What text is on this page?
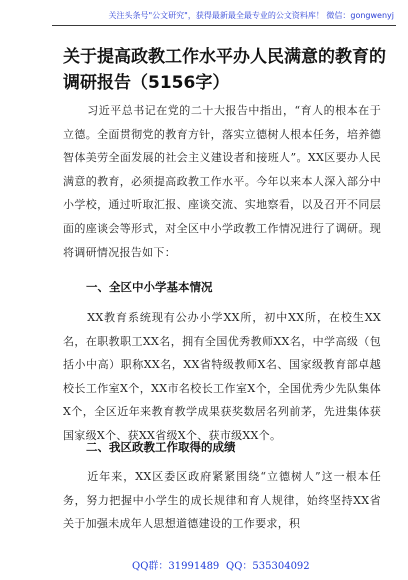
关注头条号"公文研究"，获得最新最全最专业的公文资料库！ 微信：gongwenyj
关于提高政教工作水平办人民满意的教育的调研报告（5156字）

习近平总书记在党的二十大报告中指出，“育人的根本在于立德。全面贯彻党的教育方针，落实立德树人根本任务，培养德智体美劳全面发展的社会主义建设者和接班人”。XX区要办人民满意的教育，必须提高政教工作水平。今年以来本人深入部分中小学校，通过听取汇报、座谈交流、实地察看，以及召开不同层面的座谈会等形式，对全区中小学政教工作情况进行了调研。现将调研情况报告如下：

一、全区中小学基本情况

XX教育系统现有公办小学XX所，初中XX所，在校生XX名，在职教职工XX名，拥有全国优秀教师XX名，中学高级（包括小中高）职称XX名，XX省特级教师X名、国家级教育部卓越校长工作室X个，XX市名校长工作室X个，全国优秀少先队集体X个，全区近年来教育教学成果获奖数居名列前茅，先进集体获国家级X个、获XX省级X个、获市级XX个。

二、我区政教工作取得的成绩

近年来，XX区委区政府紧紧围绕“立德树人”这一根本任务，努力把握中小学生的成长规律和育人规律，始终坚持XX省关于加强未成年人思想道德建设的工作要求，积

QQ群：31991489 QQ：535304092
